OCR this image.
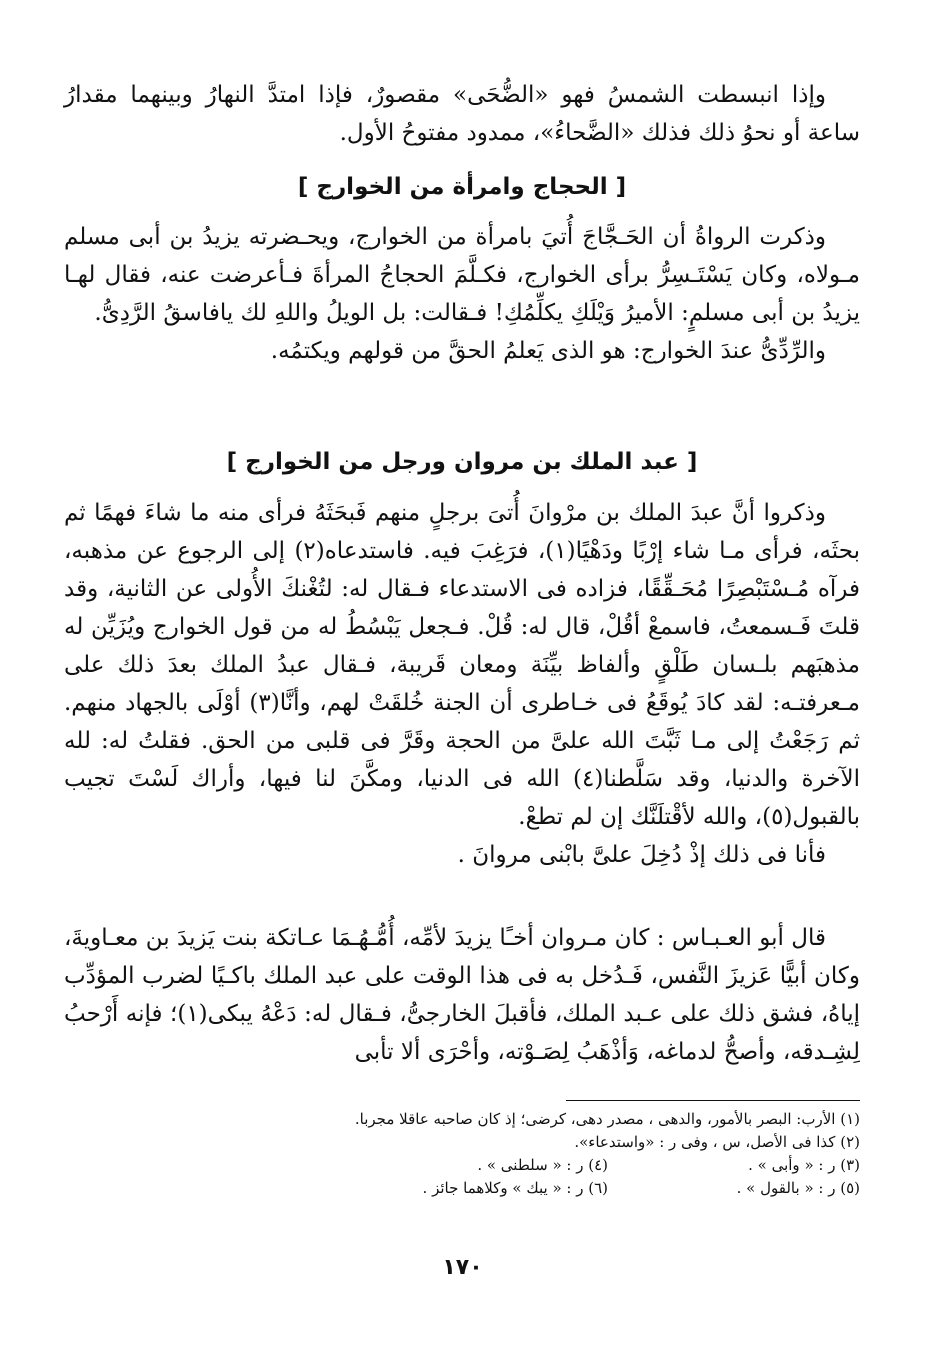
وإذا انبسطت الشمسُ فهو «الضُّحَى» مقصورٌ، فإذا امتدَّ النهارُ وبينهما مقدارُ ساعة أو نحوُ ذلك فذلك «الضَّحاءُ»، ممدود مفتوحُ الأول.

[ الحجاج وامرأة من الخوارج ]

وذكرت الرواةُ أن الحَـجَّاجَ أُتيَ بامرأة من الخوارج، ويحـضرته يزيدُ بن أبى مسلم مـولاه، وكان يَسْتَـسِرُّ برأى الخوارج، فكـلَّمَ الحجاجُ المرأةَ فـأعرضت عنه، فقال لهـا يزيدُ بن أبى مسلمٍ: الأميرُ وَيْلَكِ يكلِّمُكِ! فـقالت: بل الويلُ واللهِ لك يافاسقُ الرَّدِىُّ.

والرِّدِّىُّ عندَ الخوارج: هو الذى يَعلمُ الحقَّ من قولهم ويكتمُه.

[ عبد الملك بن مروان ورجل من الخوارج ]

وذكروا أنَّ عبدَ الملك بن مرْوانَ أُتىَ برجلٍ منهم فَبحَثَهُ فرأى منه ما شاءَ فهمًا ثم بحثَه، فرأى مـا شاء إرْبًا ودَهْيًا(١)، فرَغِبَ فيه. فاستدعاه(٢) إلى الرجوع عن مذهبه، فرآه مُـسْتَبْصِرًا مُحَـقِّقًا، فزاده فى الاستدعاء فـقال له: لتُغْنكَ الأُولى عن الثانية، وقد قلتَ فَـسمعتُ، فاسمعْ أقُلْ، قال له: قُلْ. فـجعل يَبْسُطُ له من قول الخوارج ويُزَيِّن له مذهبَهم بلـسان طَلْقٍ وألفاظ بيِّنَة ومعان قَريبة، فـقال عبدُ الملك بعدَ ذلك على مـعرفتـه: لقد كادَ يُوقَعُ فى خـاطرى أن الجنة خُلقَتْ لهم، وأنَّا(٣) أوْلَى بالجهاد منهم. ثم رَجَعْتُ إلى مـا ثَبَّتَ الله علىَّ من الحجة وقَرَّ فى قلبى من الحق. فقلتُ له: لله الآخرة والدنيا، وقد سَلَّطنا(٤) الله فى الدنيا، ومكَّنَ لنا فيها، وأراك لَسْتَ تجيب بالقبول(٥)، والله لأقْتلَنَّك إن لم تطعْ.

فأنا فى ذلك إذْ دُخِلَ علىَّ بابْنى مروانَ .

قال أبو العـبـاس : كان مـروان أخـًا يزيدَ لأمِّه، أُمُّـهُـمَا عـاتكة بنت يَزيدَ بن معـاويةَ، وكان أبيًّا عَزيزَ النَّفس، فَـدُخل به فى هذا الوقت على عبد الملك باكـيًا لضرب المؤدِّب إياهُ، فشق ذلك على عـبد الملك، فأقبلَ الخارجىُّ، فـقال له: دَعْهُ يبكى(١)؛ فإنه أَرْحبُ لِشِـدقه، وأصحُّ لدماغه، وَأذْهَبُ لِصَـوْته، وأحْرَى ألا تأبى

(١) الأرب: البصر بالأمور، والدهى ، مصدر دهى، كرضى؛ إذ كان صاحبه عاقلا مجربا.
(٢) كذا فى الأصل، س ، وفى ر : «واستدعاء».
(٣) ر : « وأبى » .
(٤) ر : « سلطنى » .
(٥) ر : « بالقول » .
(٦) ر : « يبك » وكلاهما جائز .
١٧٠
